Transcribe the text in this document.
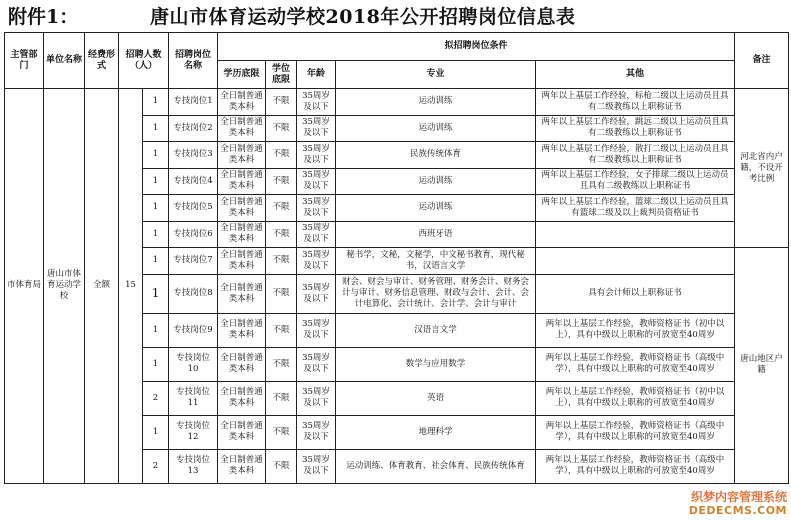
附件1：	唐山市体育运动学校2018年公开招聘岗位信息表
主管部门	单位名称	经费形式	招聘人数（人）		招聘岗位名称	拟招聘岗位条件					备注
						学历底限	学位底限	年龄	专业	其他	
市体育局	唐山市体育运动学校	全额	15	1	专技岗位1	全日制普通类本科	不限	35周岁及以下	运动训练	两年以上基层工作经验，标枪二级以上运动员且具有二级教练以上职称证书	河北省内户籍，不设开考比例
				1	专技岗位2	全日制普通类本科	不限	35周岁及以下	运动训练	两年以上基层工作经验，跳远二级以上运动员且具有二级教练以上职称证书	
				1	专技岗位3	全日制普通类本科	不限	35周岁及以下	民族传统体育	两年以上基层工作经验，散打二级以上运动员且具有二级教练以上职称证书	
				1	专技岗位4	全日制普通类本科	不限	35周岁及以下	运动训练	两年以上基层工作经验，女子排球二级以上运动员且具有二级教练以上职称证书	
				1	专技岗位5	全日制普通类本科	不限	35周岁及以下	运动训练	两年以上基层工作经验，篮球二级以上运动员且具有篮球二级及以上裁判员资格证书	
				1	专技岗位6	全日制普通类本科	不限	35周岁及以下	西班牙语		
				1	专技岗位7	全日制普通类本科	不限	35周岁及以下	秘书学，文秘，文秘学，中文秘书教育，现代秘书，汉语言文学		唐山地区户籍
				1	专技岗位8	全日制普通类本科	不限	35周岁及以下	财会、财会与审计、财务管理、财务会计、财务会计与审计、财务信息管理、财政与会计、会计、会计电算化、会计统计、会计学、会计与审计	具有会计师以上职称证书	
				1	专技岗位9	全日制普通类本科	不限	35周岁及以下	汉语言文学	两年以上基层工作经验，教师资格证书（初中以上），具有中级以上职称的可放宽至40周岁	
				1	专技岗位10	全日制普通类本科	不限	35周岁及以下	数学与应用数学	两年以上基层工作经验，教师资格证书（高级中学），具有中级以上职称的可放宽至40周岁	
				2	专技岗位11	全日制普通类本科	不限	35周岁及以下	英语	两年以上基层工作经验，教师资格证书（初中以上），具有中级以上职称的可放宽至40周岁	
				1	专技岗位12	全日制普通类本科	不限	35周岁及以下	地理科学	两年以上基层工作经验，教师资格证书（高级中学），具有中级以上职称的可放宽至40周岁	
				2	专技岗位13	全日制普通类本科	不限	35周岁及以下	运动训练、体育教育、社会体育、民族传统体育	两年以上基层工作经验，教师资格证书（高级中学），具有中级以上职称的可放宽至40周岁	
织梦内容管理系统
DEDECMS.COM
